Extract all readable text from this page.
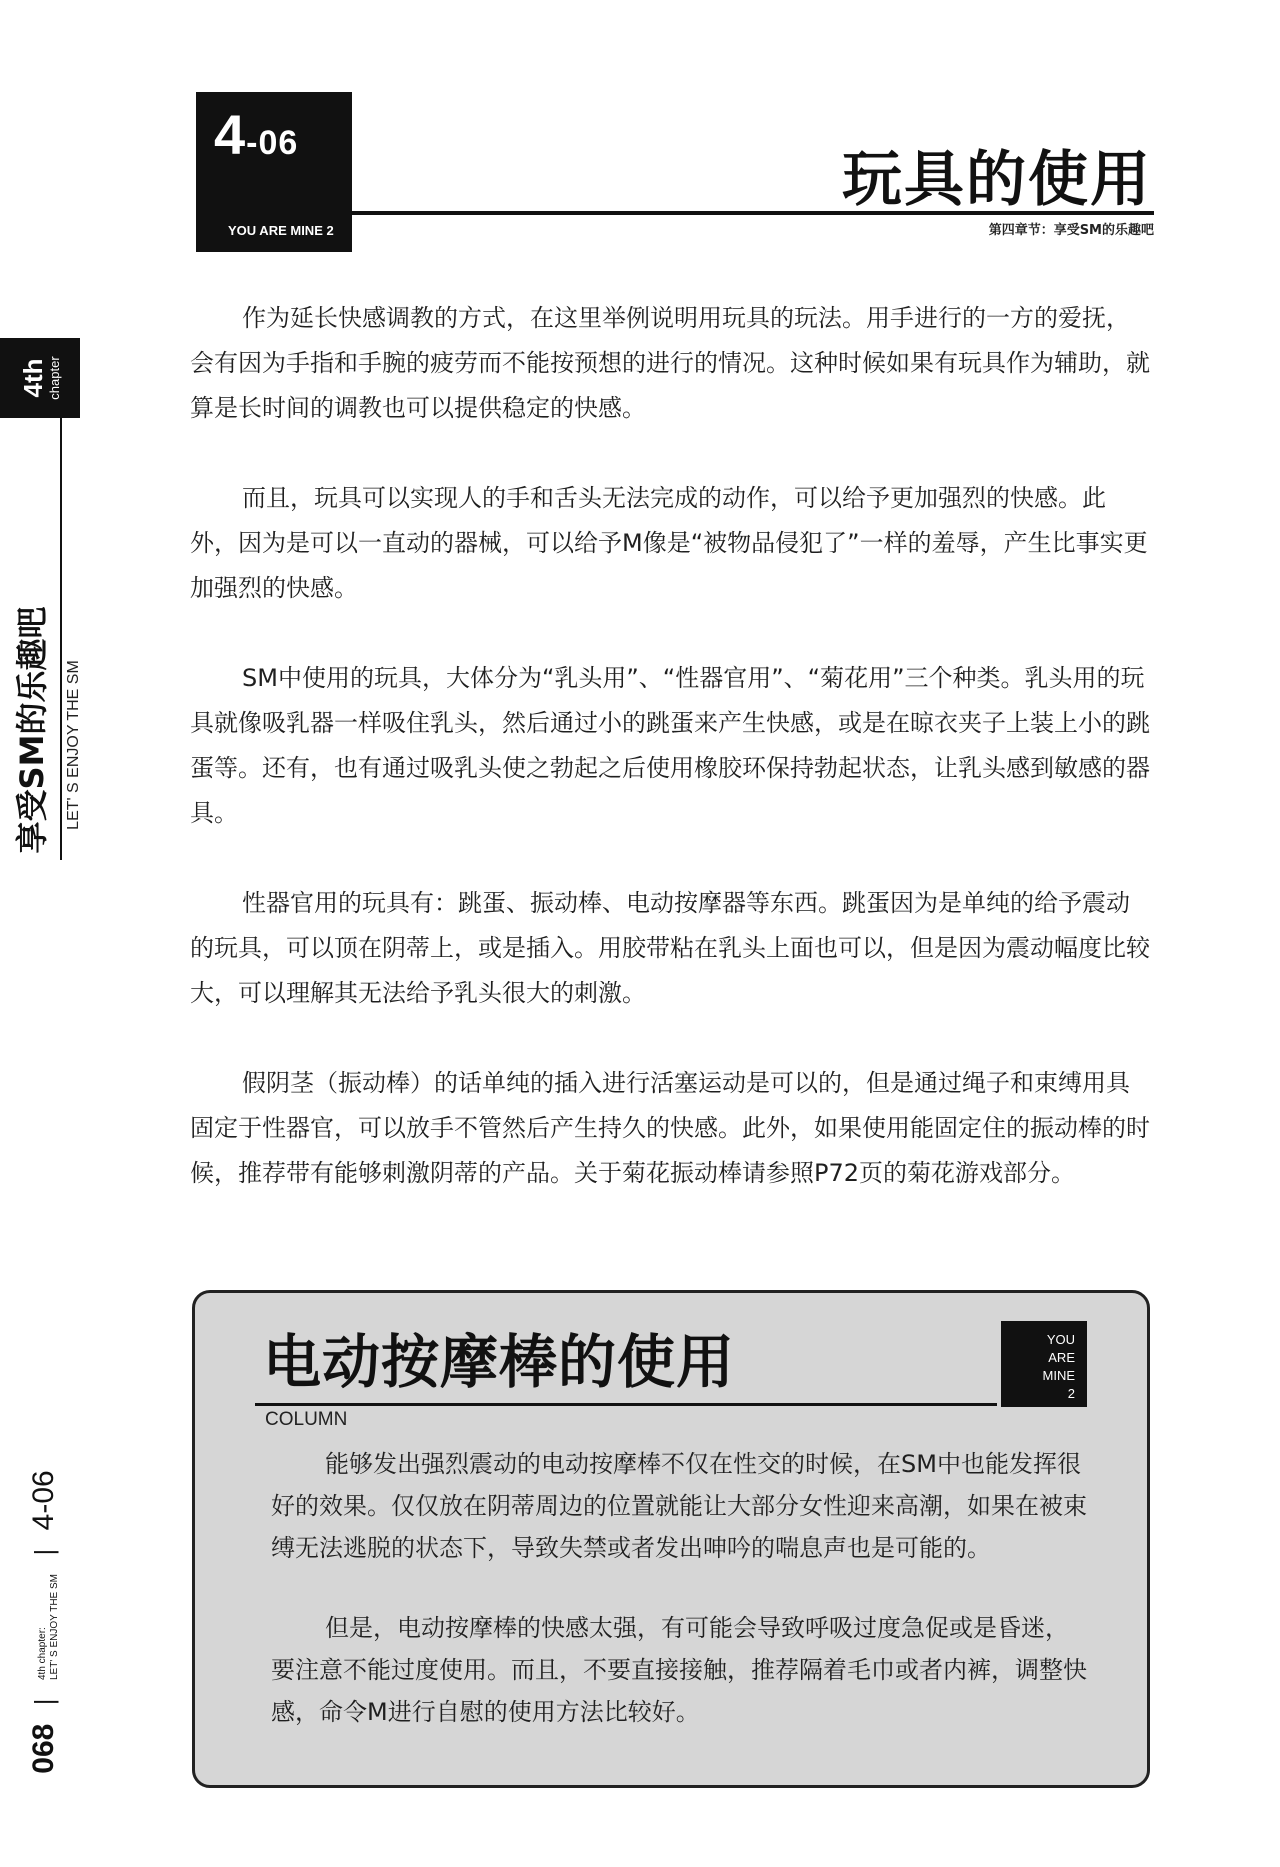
4-06
YOU ARE MINE 2
玩具的使用
第四章节：享受SM的乐趣吧
4th chapter
享受SM的乐趣吧 LET' S ENJOY THE SM

作为延长快感调教的方式，在这里举例说明用玩具的玩法。用手进行的一方的爱抚，会有因为手指和手腕的疲劳而不能按预想的进行的情况。这种时候如果有玩具作为辅助，就算是长时间的调教也可以提供稳定的快感。

而且，玩具可以实现人的手和舌头无法完成的动作，可以给予更加强烈的快感。此外，因为是可以一直动的器械，可以给予M像是“被物品侵犯了”一样的羞辱，产生比事实更加强烈的快感。

SM中使用的玩具，大体分为“乳头用”、“性器官用”、“菊花用”三个种类。乳头用的玩具就像吸乳器一样吸住乳头，然后通过小的跳蛋来产生快感，或是在晾衣夹子上装上小的跳蛋等。还有，也有通过吸乳头使之勃起之后使用橡胶环保持勃起状态，让乳头感到敏感的器具。

性器官用的玩具有：跳蛋、振动棒、电动按摩器等东西。跳蛋因为是单纯的给予震动的玩具，可以顶在阴蒂上，或是插入。用胶带粘在乳头上面也可以，但是因为震动幅度比较大，可以理解其无法给予乳头很大的刺激。

假阴茎（振动棒）的话单纯的插入进行活塞运动是可以的，但是通过绳子和束缚用具固定于性器官，可以放手不管然后产生持久的快感。此外，如果使用能固定住的振动棒的时候，推荐带有能够刺激阴蒂的产品。关于菊花振动棒请参照P72页的菊花游戏部分。

电动按摩棒的使用
COLUMN
YOU
ARE
MINE
2

能够发出强烈震动的电动按摩棒不仅在性交的时候，在SM中也能发挥很好的效果。仅仅放在阴蒂周边的位置就能让大部分女性迎来高潮，如果在被束缚无法逃脱的状态下，导致失禁或者发出呻吟的喘息声也是可能的。

但是，电动按摩棒的快感太强，有可能会导致呼吸过度急促或是昏迷，要注意不能过度使用。而且，不要直接接触，推荐隔着毛巾或者内裤，调整快感，命令M进行自慰的使用方法比较好。

068 | 4th chapter:
LET' S ENJOY THE SM | 4-06
